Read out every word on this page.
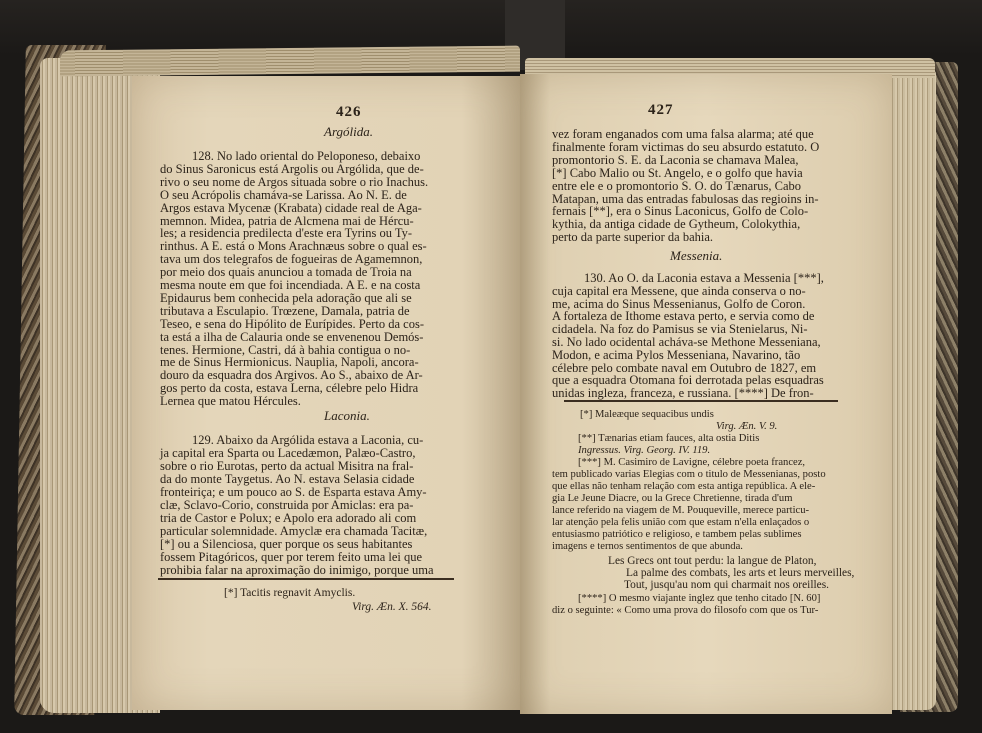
426
Argólida.
128. No lado oriental do Peloponeso, debaixo
do Sinus Saronicus está Argolis ou Argólida, que de-
rivo o seu nome de Argos situada sobre o rio Inachus.
O seu Acrópolis chamáva-se Larissa. Ao N. E. de
Argos estava Mycenæ (Krabata) cidade real de Aga-
memnon. Midea, patria de Alcmena mai de Hércu-
les; a residencia predilecta d'este era Tyrins ou Ty-
rinthus. A E. está o Mons Arachnæus sobre o qual es-
tava um dos telegrafos de fogueiras de Agamemnon,
por meio dos quais anunciou a tomada de Troia na
mesma noute em que foi incendiada. A E. e na costa
Epidaurus bem conhecida pela adoração que ali se
tributava a Esculapio. Trœzene, Damala, patria de
Teseo, e sena do Hipólito de Eurípides. Perto da cos-
ta está a ilha de Calauria onde se envenenou Demós-
tenes. Hermione, Castri, dá à bahia contigua o no-
me de Sinus Hermionicus. Nauplia, Napoli, ancora-
douro da esquadra dos Argivos. Ao S., abaixo de Ar-
gos perto da costa, estava Lerna, célebre pelo Hidra
Lernea que matou Hércules.
Laconia.
129. Abaixo da Argólida estava a Laconia, cu-
ja capital era Sparta ou Lacedæmon, Palæo-Castro,
sobre o rio Eurotas, perto da actual Misitra na fral-
da do monte Taygetus. Ao N. estava Selasia cidade
fronteiriça; e um pouco ao S. de Esparta estava Amy-
clæ, Sclavo-Corio, construida por Amiclas: era pa-
tria de Castor e Polux; e Apolo era adorado ali com
particular solemnidade. Amyclæ era chamada Tacitæ,
[*] ou a Silenciosa, quer porque os seus habitantes
fossem Pitagóricos, quer por terem feito uma lei que
prohibia falar na aproximação do inimigo, porque uma
[*] Tacitis regnavit Amyclis.
Virg. Æn. X. 564.
427
vez foram enganados com uma falsa alarma; até que
finalmente foram victimas do seu absurdo estatuto. O
promontorio S. E. da Laconia se chamava Malea,
[*] Cabo Malio ou St. Angelo, e o golfo que havia
entre ele e o promontorio S. O. do Tænarus, Cabo
Matapan, uma das entradas fabulosas das regioins in-
fernais [**], era o Sinus Laconicus, Golfo de Colo-
kythia, da antiga cidade de Gytheum, Colokythia,
perto da parte superior da bahia.
Messenia.
130. Ao O. da Laconia estava a Messenia [***],
cuja capital era Messene, que ainda conserva o no-
me, acima do Sinus Messenianus, Golfo de Coron.
A fortaleza de Ithome estava perto, e servia como de
cidadela. Na foz do Pamisus se via Stenielarus, Ni-
si. No lado ocidental acháva-se Methone Messeniana,
Modon, e acima Pylos Messeniana, Navarino, tão
célebre pelo combate naval em Outubro de 1827, em
que a esquadra Otomana foi derrotada pelas esquadras
unidas ingleza, franceza, e russiana. [****] De fron-
[*] Maleæque sequacibus undis
Virg. Æn. V. 9.
[**] Tænarias etiam fauces, alta ostia Ditis
Ingressus. Virg. Georg. IV. 119.
[***] M. Casimiro de Lavigne, célebre poeta francez,
tem publicado varias Elegias com o titulo de Messenianas, posto
que ellas não tenham relação com esta antiga república. A ele-
gia Le Jeune Diacre, ou la Grece Chretienne, tirada d'um
lance referido na viagem de M. Pouqueville, merece particu-
lar atenção pela felis união com que estam n'ella enlaçados o
entusiasmo patriótico e religioso, e tambem pelas sublimes
imagens e ternos sentimentos de que abunda.
Les Grecs ont tout perdu: la langue de Platon,
La palme des combats, les arts et leurs merveilles,
Tout, jusqu'au nom qui charmait nos oreilles.
[****] O mesmo viajante inglez que tenho citado [N. 60]
diz o seguinte: « Como uma prova do filosofo com que os Tur-
